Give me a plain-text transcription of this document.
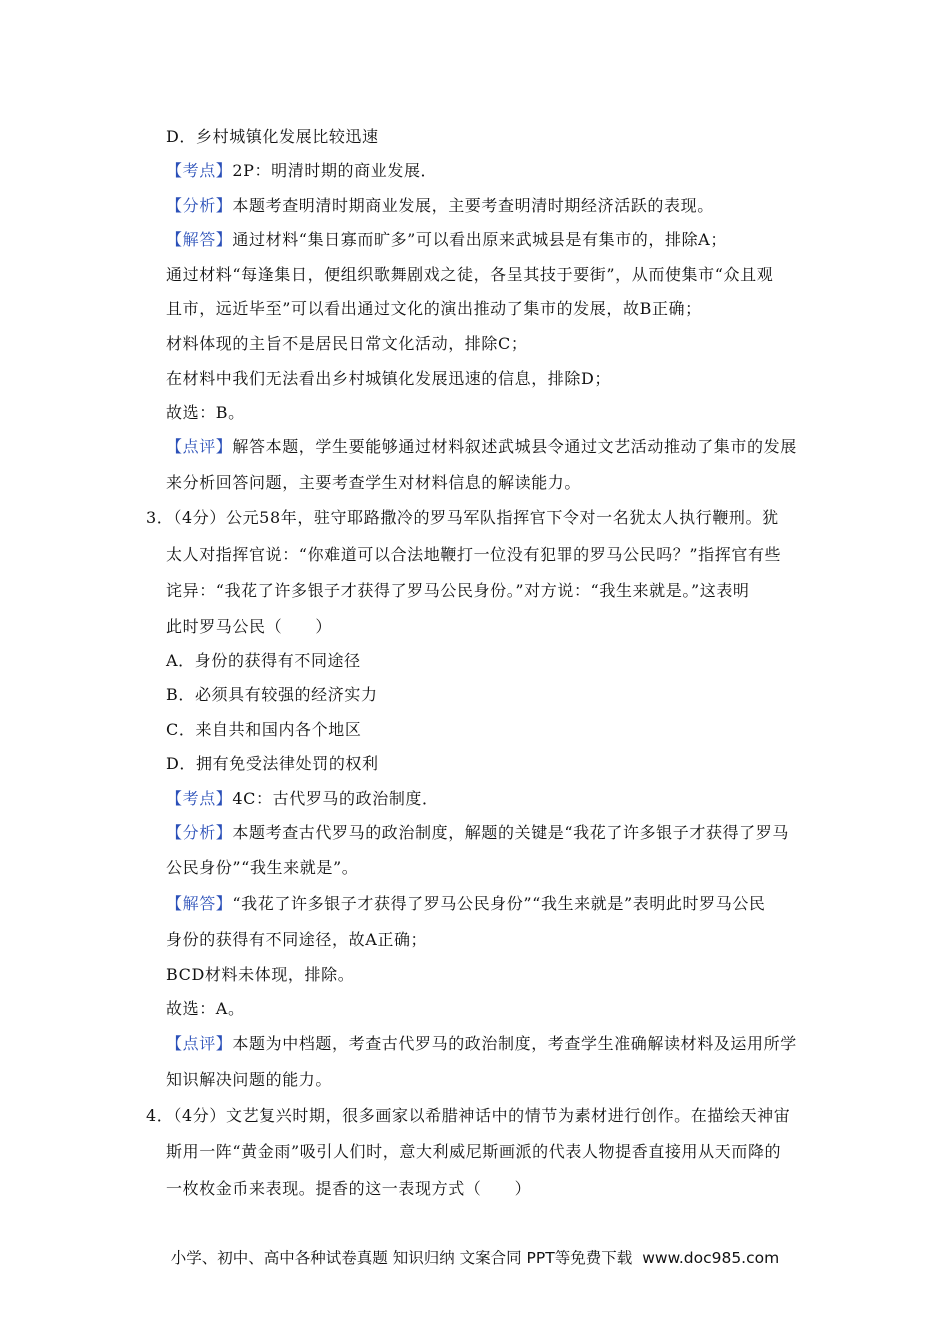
D．乡村城镇化发展比较迅速
【考点】2P：明清时期的商业发展．
【分析】本题考查明清时期商业发展，主要考查明清时期经济活跃的表现。
【解答】通过材料“集日寡而旷多”可以看出原来武城县是有集市的，排除A；
通过材料“每逢集日，便组织歌舞剧戏之徒，各呈其技于要街”，从而使集市“众且观
且市，远近毕至”可以看出通过文化的演出推动了集市的发展，故B正确；
材料体现的主旨不是居民日常文化活动，排除C；
在材料中我们无法看出乡村城镇化发展迅速的信息，排除D；
故选：B。
【点评】解答本题，学生要能够通过材料叙述武城县令通过文艺活动推动了集市的发展
来分析回答问题，主要考查学生对材料信息的解读能力。
3．（4分）公元58年，驻守耶路撒冷的罗马军队指挥官下令对一名犹太人执行鞭刑。犹
太人对指挥官说：“你难道可以合法地鞭打一位没有犯罪的罗马公民吗？”指挥官有些
诧异：“我花了许多银子才获得了罗马公民身份。”对方说：“我生来就是。”这表明
此时罗马公民（　　）
A．身份的获得有不同途径
B．必须具有较强的经济实力
C．来自共和国内各个地区
D．拥有免受法律处罚的权利
【考点】4C：古代罗马的政治制度．
【分析】本题考查古代罗马的政治制度，解题的关键是“我花了许多银子才获得了罗马
公民身份”“我生来就是”。
【解答】“我花了许多银子才获得了罗马公民身份”“我生来就是”表明此时罗马公民
身份的获得有不同途径，故A正确；
BCD材料未体现，排除。
故选：A。
【点评】本题为中档题，考查古代罗马的政治制度，考查学生准确解读材料及运用所学
知识解决问题的能力。
4．（4分）文艺复兴时期，很多画家以希腊神话中的情节为素材进行创作。在描绘天神宙
斯用一阵“黄金雨”吸引人们时，意大利威尼斯画派的代表人物提香直接用从天而降的
一枚枚金币来表现。提香的这一表现方式（　　）
小学、初中、高中各种试卷真题 知识归纳 文案合同 PPT等免费下载 www.doc985.com
